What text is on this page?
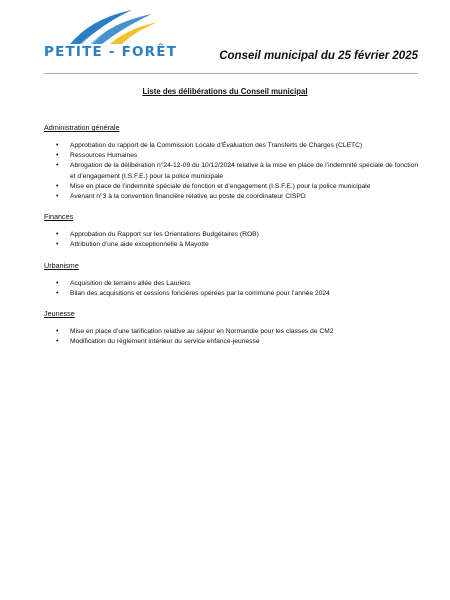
PETITE - FORÊT	Conseil municipal du 25 février 2025
Liste des délibérations du Conseil municipal
Administration générale
• Approbation du rapport de la Commission Locale d’Évaluation des Transferts de Charges (CLETC)
• Ressources Humaines
• Abrogation de la délibération n°24-12-09 du 10/12/2024 relative à la mise en place de l’indemnité spéciale de fonction et d’engagement (I.S.F.E.) pour la police municipale
• Mise en place de l’indemnité spéciale de fonction et d’engagement (I.S.F.E.) pour la police municipale
• Avenant n°3 à la convention financière relative au poste de coordinateur CISPD
Finances
• Approbation du Rapport sur les Orientations Budgétaires (ROB)
• Attribution d’une aide exceptionnelle à Mayotte
Urbanisme
• Acquisition de terrains allée des Lauriers
• Bilan des acquisitions et cessions foncières opérées par la commune pour l’année 2024
Jeunesse
• Mise en place d’une tarification relative au séjour en Normandie pour les classes de CM2
• Modification du règlement intérieur du service enfance-jeunesse
